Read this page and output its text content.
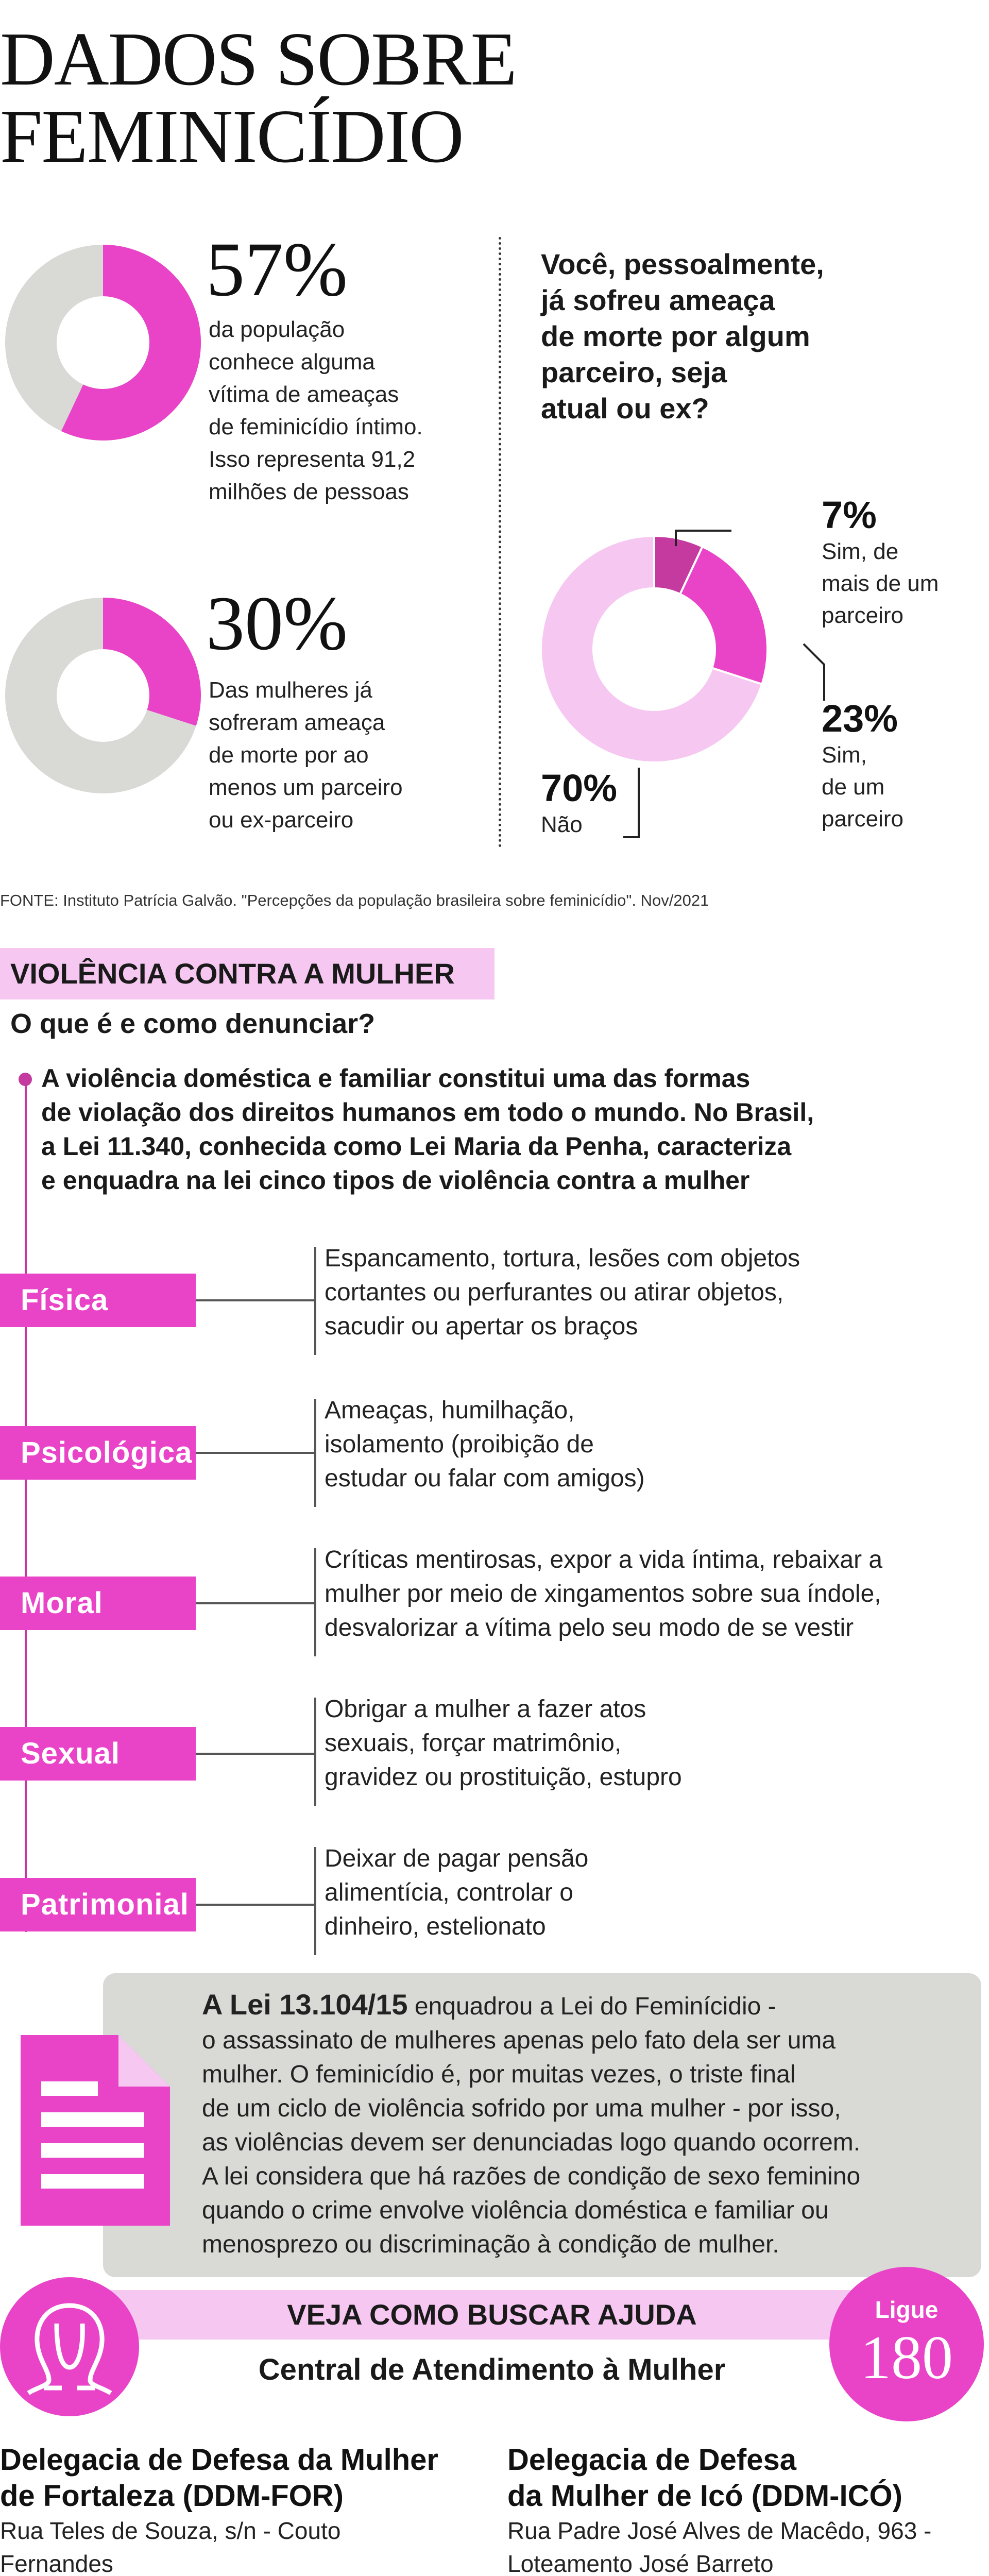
DADOS SOBRE
FEMINICÍDIO
57%
da população
conhece alguma
vítima de ameaças
de feminicídio íntimo.
Isso representa 91,2
milhões de pessoas
30%
Das mulheres já
sofreram ameaça
de morte por ao
menos um parceiro
ou ex-parceiro
Você, pessoalmente,
já sofreu ameaça
de morte por algum
parceiro, seja
atual ou ex?
7%
Sim, de
mais de um
parceiro
23%
Sim,
de um
parceiro
70%
Não
FONTE: Instituto Patrícia Galvão. "Percepções da população brasileira sobre feminicídio". Nov/2021
VIOLÊNCIA CONTRA A MULHER
O que é e como denunciar?
A violência doméstica e familiar constitui uma das formas
de violação dos direitos humanos em todo o mundo. No Brasil,
a Lei 11.340, conhecida como Lei Maria da Penha, caracteriza
e enquadra na lei cinco tipos de violência contra a mulher
Física
Espancamento, tortura, lesões com objetos
cortantes ou perfurantes ou atirar objetos,
sacudir ou apertar os braços
Psicológica
Ameaças, humilhação,
isolamento (proibição de
estudar ou falar com amigos)
Moral
Críticas mentirosas, expor a vida íntima, rebaixar a
mulher por meio de xingamentos sobre sua índole,
desvalorizar a vítima pelo seu modo de se vestir
Sexual
Obrigar a mulher a fazer atos
sexuais, forçar matrimônio,
gravidez ou prostituição, estupro
Patrimonial
Deixar de pagar pensão
alimentícia, controlar o
dinheiro, estelionato
A Lei 13.104/15 enquadrou a Lei do Feminícidio -
o assassinato de mulheres apenas pelo fato dela ser uma
mulher. O feminicídio é, por muitas vezes, o triste final
de um ciclo de violência sofrido por uma mulher - por isso,
as violências devem ser denunciadas logo quando ocorrem.
A lei considera que há razões de condição de sexo feminino
quando o crime envolve violência doméstica e familiar ou
menosprezo ou discriminação à condição de mulher.
VEJA COMO BUSCAR AJUDA
Central de Atendimento à Mulher
Ligue
180
Delegacia de Defesa da Mulher
de Fortaleza (DDM-FOR)
Rua Teles de Souza, s/n - Couto
Fernandes
Delegacia de Defesa
da Mulher de Icó (DDM-ICÓ)
Rua Padre José Alves de Macêdo, 963 -
Loteamento José Barreto
